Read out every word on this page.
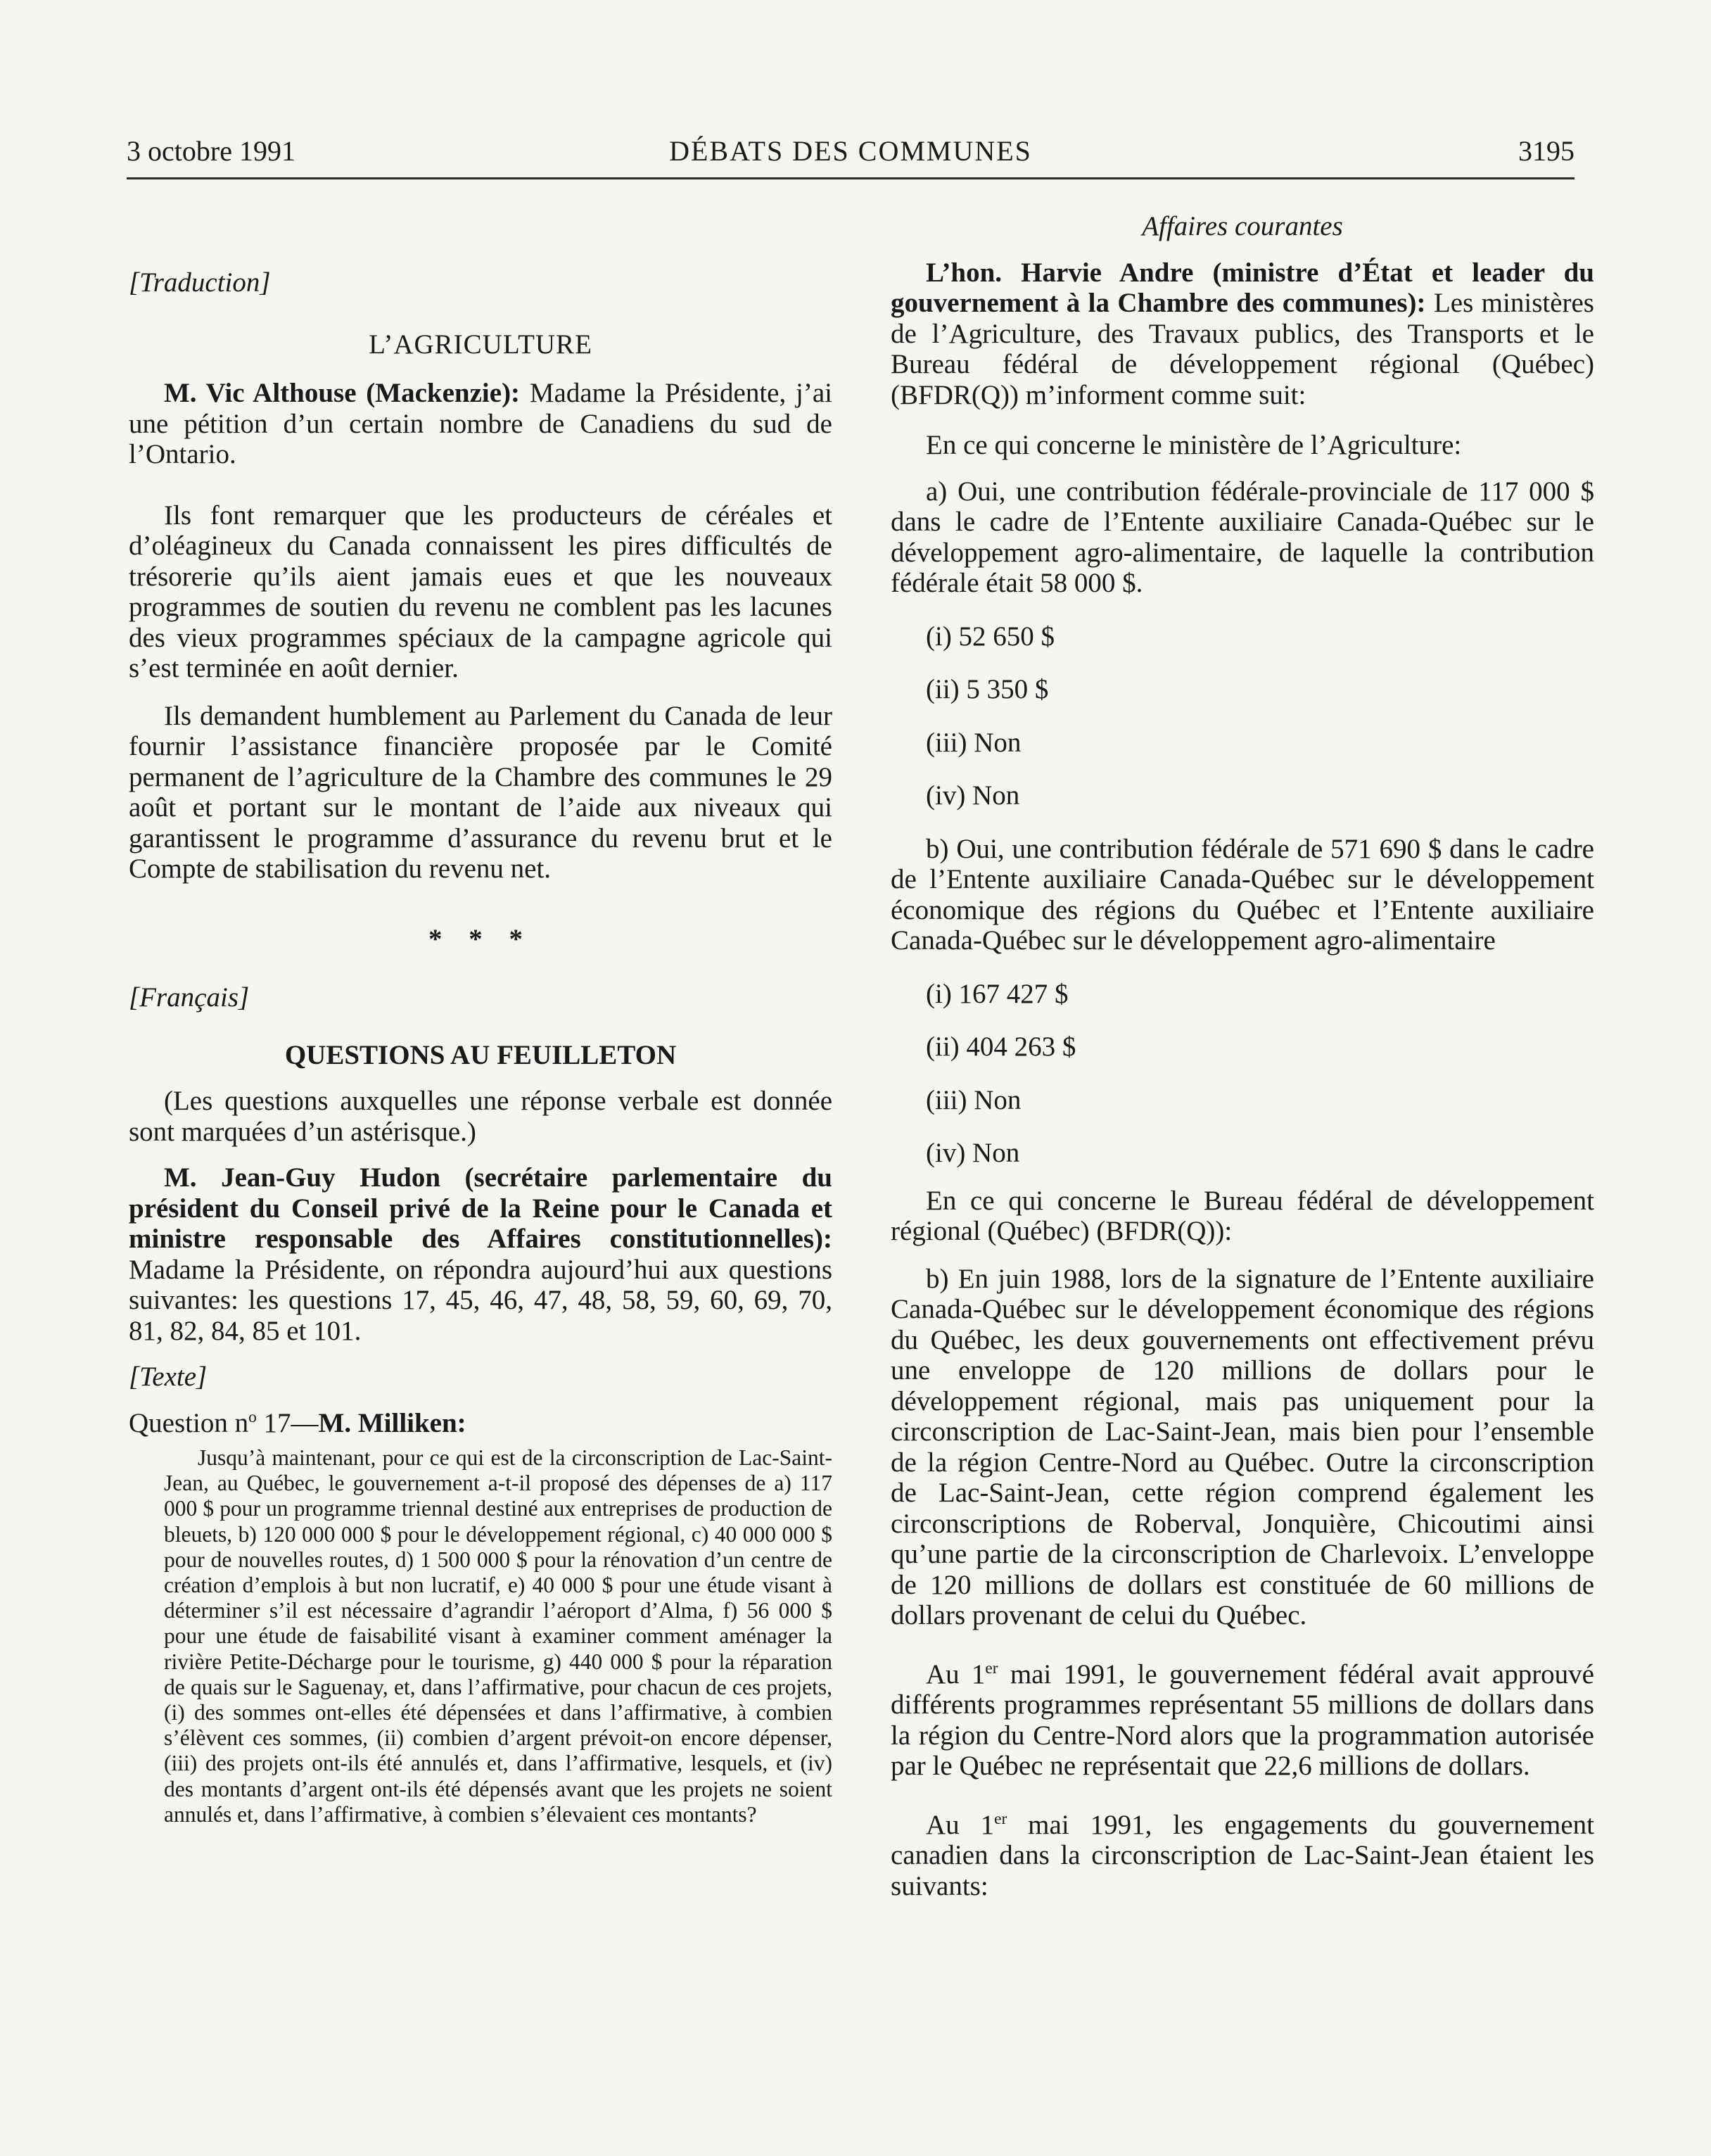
3 octobre 1991	DÉBATS DES COMMUNES	3195

[Traduction]

L’AGRICULTURE

M. Vic Althouse (Mackenzie): Madame la Présidente, j’ai une pétition d’un certain nombre de Canadiens du sud de l’Ontario.

Ils font remarquer que les producteurs de céréales et d’oléagineux du Canada connaissent les pires difficultés de trésorerie qu’ils aient jamais eues et que les nouveaux programmes de soutien du revenu ne comblent pas les lacunes des vieux programmes spéciaux de la campagne agricole qui s’est terminée en août dernier.

Ils demandent humblement au Parlement du Canada de leur fournir l’assistance financière proposée par le Comité permanent de l’agriculture de la Chambre des communes le 29 août et portant sur le montant de l’aide aux niveaux qui garantissent le programme d’assurance du revenu brut et le Compte de stabilisation du revenu net.

* * *

[Français]

QUESTIONS AU FEUILLETON

(Les questions auxquelles une réponse verbale est donnée sont marquées d’un astérisque.)

M. Jean-Guy Hudon (secrétaire parlementaire du président du Conseil privé de la Reine pour le Canada et ministre responsable des Affaires constitutionnelles): Madame la Présidente, on répondra aujourd’hui aux questions suivantes: les questions 17, 45, 46, 47, 48, 58, 59, 60, 69, 70, 81, 82, 84, 85 et 101.

[Texte]

Question $n^o$ 17—M. Milliken:

Jusqu’à maintenant, pour ce qui est de la circonscription de Lac-Saint-Jean, au Québec, le gouvernement a-t-il proposé des dépenses de a) 117 000 $ pour un programme triennal destiné aux entreprises de production de bleuets, b) 120 000 000 $ pour le développement régional, c) 40 000 000 $ pour de nouvelles routes, d) 1 500 000 $ pour la rénovation d’un centre de création d’emplois à but non lucratif, e) 40 000 $ pour une étude visant à déterminer s’il est nécessaire d’agrandir l’aéroport d’Alma, f) 56 000 $ pour une étude de faisabilité visant à examiner comment aménager la rivière Petite-Décharge pour le tourisme, g) 440 000 $ pour la réparation de quais sur le Saguenay, et, dans l’affirmative, pour chacun de ces projets, (i) des sommes ont-elles été dépensées et dans l’affirmative, à combien s’élèvent ces sommes, (ii) combien d’argent prévoit-on encore dépenser, (iii) des projets ont-ils été annulés et, dans l’affirmative, lesquels, et (iv) des montants d’argent ont-ils été dépensés avant que les projets ne soient annulés et, dans l’affirmative, à combien s’élevaient ces montants?

Affaires courantes

L’hon. Harvie Andre (ministre d’État et leader du gouvernement à la Chambre des communes): Les ministères de l’Agriculture, des Travaux publics, des Transports et le Bureau fédéral de développement régional (Québec) (BFDR(Q)) m’informent comme suit:

En ce qui concerne le ministère de l’Agriculture:

a) Oui, une contribution fédérale-provinciale de 117 000 $ dans le cadre de l’Entente auxiliaire Canada-Québec sur le développement agro-alimentaire, de laquelle la contribution fédérale était 58 000 $.

(i) 52 650 $

(ii) 5 350 $

(iii) Non

(iv) Non

b) Oui, une contribution fédérale de 571 690 $ dans le cadre de l’Entente auxiliaire Canada-Québec sur le développement économique des régions du Québec et l’Entente auxiliaire Canada-Québec sur le développement agro-alimentaire

(i) 167 427 $

(ii) 404 263 $

(iii) Non

(iv) Non

En ce qui concerne le Bureau fédéral de développement régional (Québec) (BFDR(Q)):

b) En juin 1988, lors de la signature de l’Entente auxiliaire Canada-Québec sur le développement économique des régions du Québec, les deux gouvernements ont effectivement prévu une enveloppe de 120 millions de dollars pour le développement régional, mais pas uniquement pour la circonscription de Lac-Saint-Jean, mais bien pour l’ensemble de la région Centre-Nord au Québec. Outre la circonscription de Lac-Saint-Jean, cette région comprend également les circonscriptions de Roberval, Jonquière, Chicoutimi ainsi qu’une partie de la circonscription de Charlevoix. L’enveloppe de 120 millions de dollars est constituée de 60 millions de dollars provenant de celui du Québec.

Au 1er mai 1991, le gouvernement fédéral avait approuvé différents programmes représentant 55 millions de dollars dans la région du Centre-Nord alors que la programmation autorisée par le Québec ne représentait que 22,6 millions de dollars.

Au 1er mai 1991, les engagements du gouvernement canadien dans la circonscription de Lac-Saint-Jean étaient les suivants:
